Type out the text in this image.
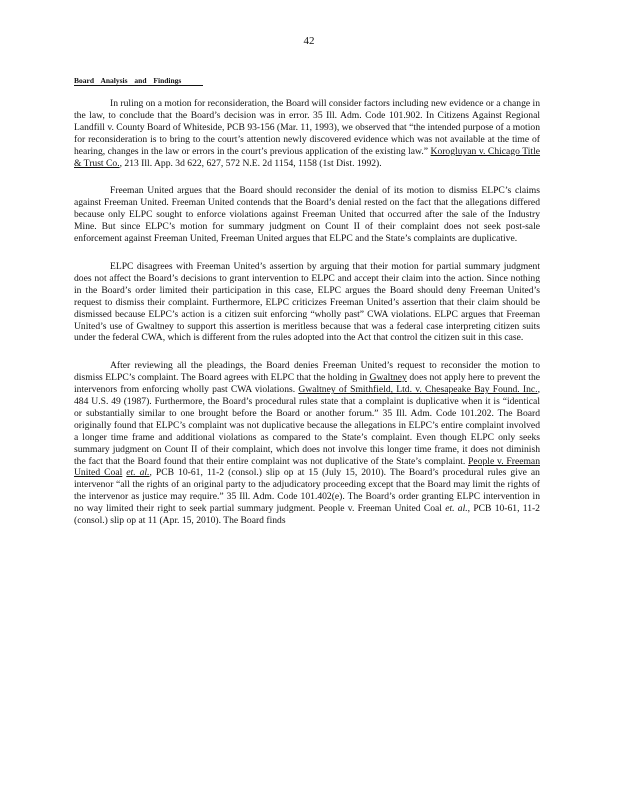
42
Board Analysis and Findings

In ruling on a motion for reconsideration, the Board will consider factors including new evidence or a change in the law, to conclude that the Board’s decision was in error. 35 Ill. Adm. Code 101.902. In Citizens Against Regional Landfill v. County Board of Whiteside, PCB 93-156 (Mar. 11, 1993), we observed that “the intended purpose of a motion for reconsideration is to bring to the court’s attention newly discovered evidence which was not available at the time of hearing, changes in the law or errors in the court’s previous application of the existing law.” Korogluyan v. Chicago Title & Trust Co., 213 Ill. App. 3d 622, 627, 572 N.E. 2d 1154, 1158 (1st Dist. 1992).

Freeman United argues that the Board should reconsider the denial of its motion to dismiss ELPC’s claims against Freeman United. Freeman United contends that the Board’s denial rested on the fact that the allegations differed because only ELPC sought to enforce violations against Freeman United that occurred after the sale of the Industry Mine. But since ELPC’s motion for summary judgment on Count II of their complaint does not seek post-sale enforcement against Freeman United, Freeman United argues that ELPC and the State’s complaints are duplicative.

ELPC disagrees with Freeman United’s assertion by arguing that their motion for partial summary judgment does not affect the Board’s decisions to grant intervention to ELPC and accept their claim into the action. Since nothing in the Board’s order limited their participation in this case, ELPC argues the Board should deny Freeman United’s request to dismiss their complaint. Furthermore, ELPC criticizes Freeman United’s assertion that their claim should be dismissed because ELPC’s action is a citizen suit enforcing “wholly past” CWA violations. ELPC argues that Freeman United’s use of Gwaltney to support this assertion is meritless because that was a federal case interpreting citizen suits under the federal CWA, which is different from the rules adopted into the Act that control the citizen suit in this case.

After reviewing all the pleadings, the Board denies Freeman United’s request to reconsider the motion to dismiss ELPC’s complaint. The Board agrees with ELPC that the holding in Gwaltney does not apply here to prevent the intervenors from enforcing wholly past CWA violations. Gwaltney of Smithfield, Ltd. v. Chesapeake Bay Found. Inc., 484 U.S. 49 (1987). Furthermore, the Board’s procedural rules state that a complaint is duplicative when it is “identical or substantially similar to one brought before the Board or another forum.” 35 Ill. Adm. Code 101.202. The Board originally found that ELPC’s complaint was not duplicative because the allegations in ELPC’s entire complaint involved a longer time frame and additional violations as compared to the State’s complaint. Even though ELPC only seeks summary judgment on Count II of their complaint, which does not involve this longer time frame, it does not diminish the fact that the Board found that their entire complaint was not duplicative of the State’s complaint. People v. Freeman United Coal et. al., PCB 10-61, 11-2 (consol.) slip op at 15 (July 15, 2010). The Board’s procedural rules give an intervenor “all the rights of an original party to the adjudicatory proceeding except that the Board may limit the rights of the intervenor as justice may require.” 35 Ill. Adm. Code 101.402(e). The Board’s order granting ELPC intervention in no way limited their right to seek partial summary judgment. People v. Freeman United Coal et. al., PCB 10-61, 11-2 (consol.) slip op at 11 (Apr. 15, 2010). The Board finds
